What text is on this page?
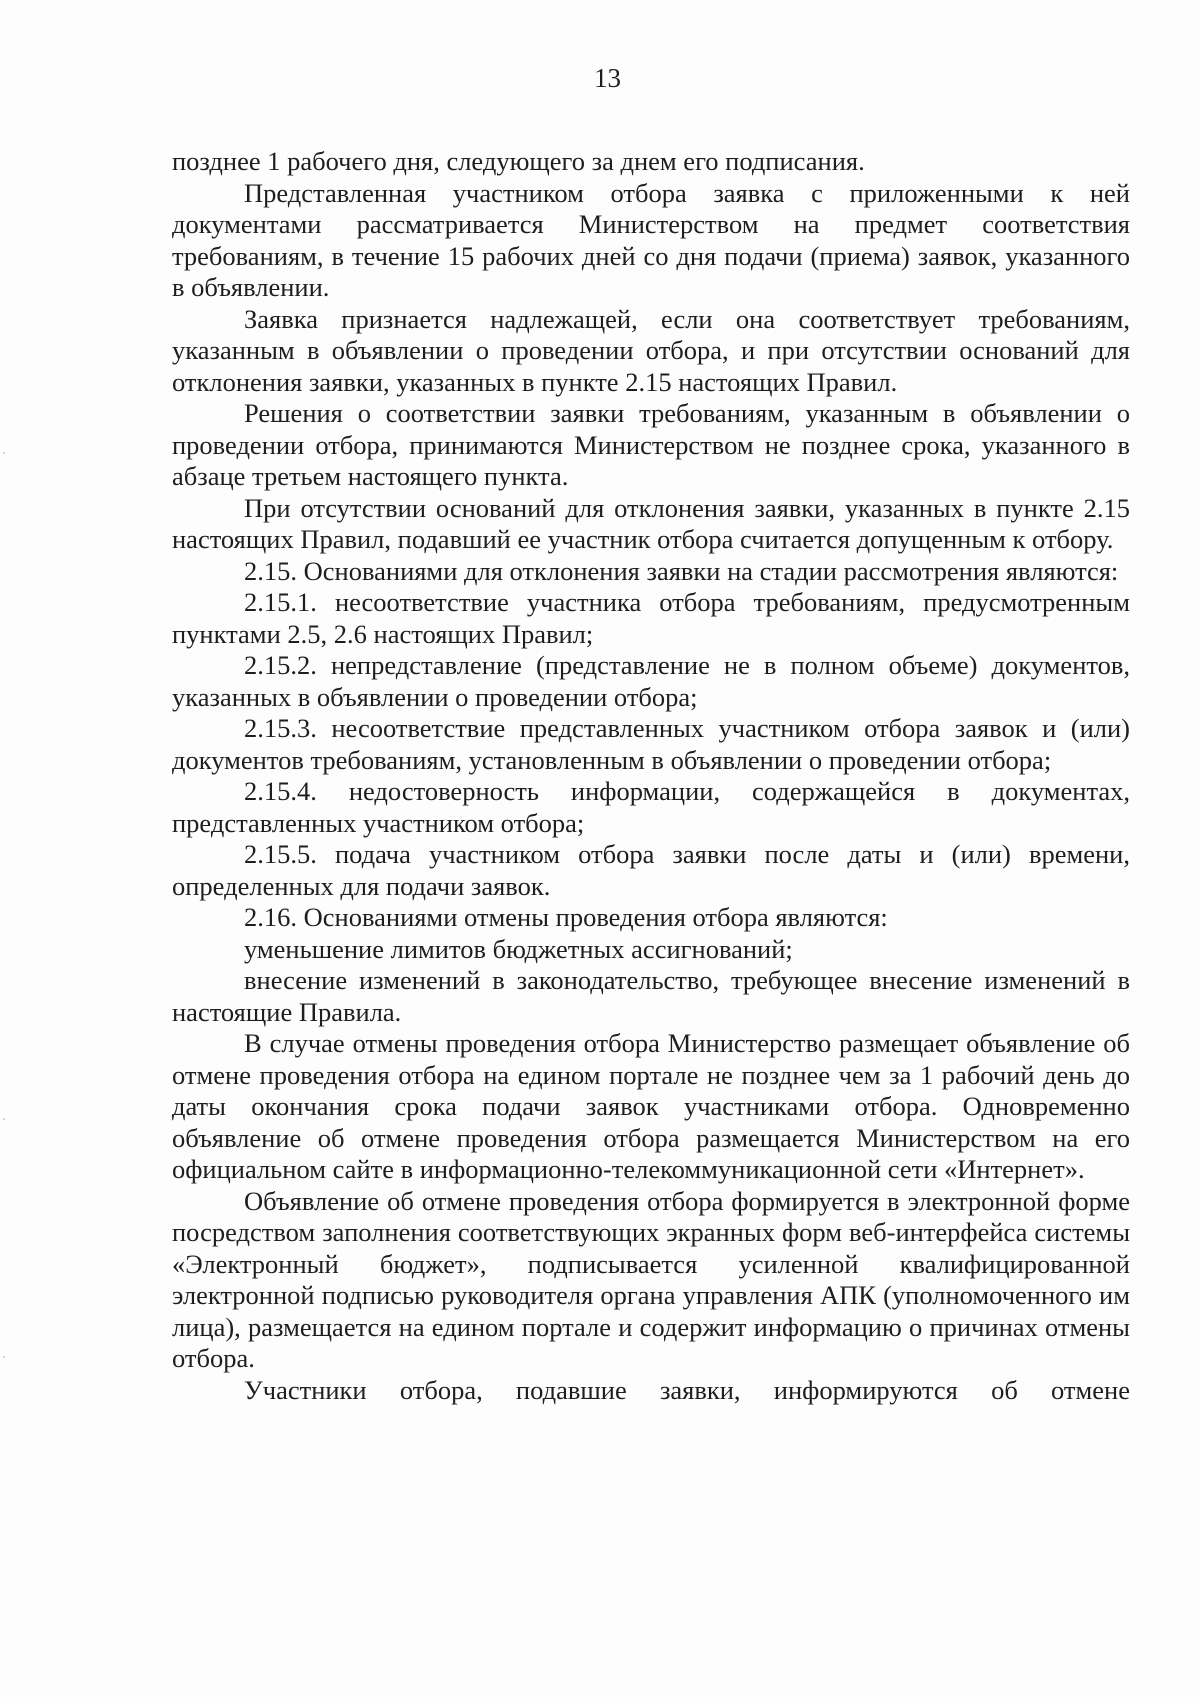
13

позднее 1 рабочего дня, следующего за днем его подписания.

Представленная участником отбора заявка с приложенными к ней документами рассматривается Министерством на предмет соответствия требованиям, в течение 15 рабочих дней со дня подачи (приема) заявок, указанного в объявлении.

Заявка признается надлежащей, если она соответствует требованиям, указанным в объявлении о проведении отбора, и при отсутствии оснований для отклонения заявки, указанных в пункте 2.15 настоящих Правил.

Решения о соответствии заявки требованиям, указанным в объявлении о проведении отбора, принимаются Министерством не позднее срока, указанного в абзаце третьем настоящего пункта.

При отсутствии оснований для отклонения заявки, указанных в пункте 2.15 настоящих Правил, подавший ее участник отбора считается допущенным к отбору.

2.15. Основаниями для отклонения заявки на стадии рассмотрения являются:

2.15.1. несоответствие участника отбора требованиям, предусмотренным пунктами 2.5, 2.6 настоящих Правил;

2.15.2. непредставление (представление не в полном объеме) документов, указанных в объявлении о проведении отбора;

2.15.3. несоответствие представленных участником отбора заявок и (или) документов требованиям, установленным в объявлении о проведении отбора;

2.15.4. недостоверность информации, содержащейся в документах, представленных участником отбора;

2.15.5. подача участником отбора заявки после даты и (или) времени, определенных для подачи заявок.

2.16. Основаниями отмены проведения отбора являются:

уменьшение лимитов бюджетных ассигнований;

внесение изменений в законодательство, требующее внесение изменений в настоящие Правила.

В случае отмены проведения отбора Министерство размещает объявление об отмене проведения отбора на едином портале не позднее чем за 1 рабочий день до даты окончания срока подачи заявок участниками отбора. Одновременно объявление об отмене проведения отбора размещается Министерством на его официальном сайте в информационно-телекоммуникационной сети «Интернет».

Объявление об отмене проведения отбора формируется в электронной форме посредством заполнения соответствующих экранных форм веб-интерфейса системы «Электронный бюджет», подписывается усиленной квалифицированной электронной подписью руководителя органа управления АПК (уполномоченного им лица), размещается на едином портале и содержит информацию о причинах отмены отбора.

Участники отбора, подавшие заявки, информируются об отмене
